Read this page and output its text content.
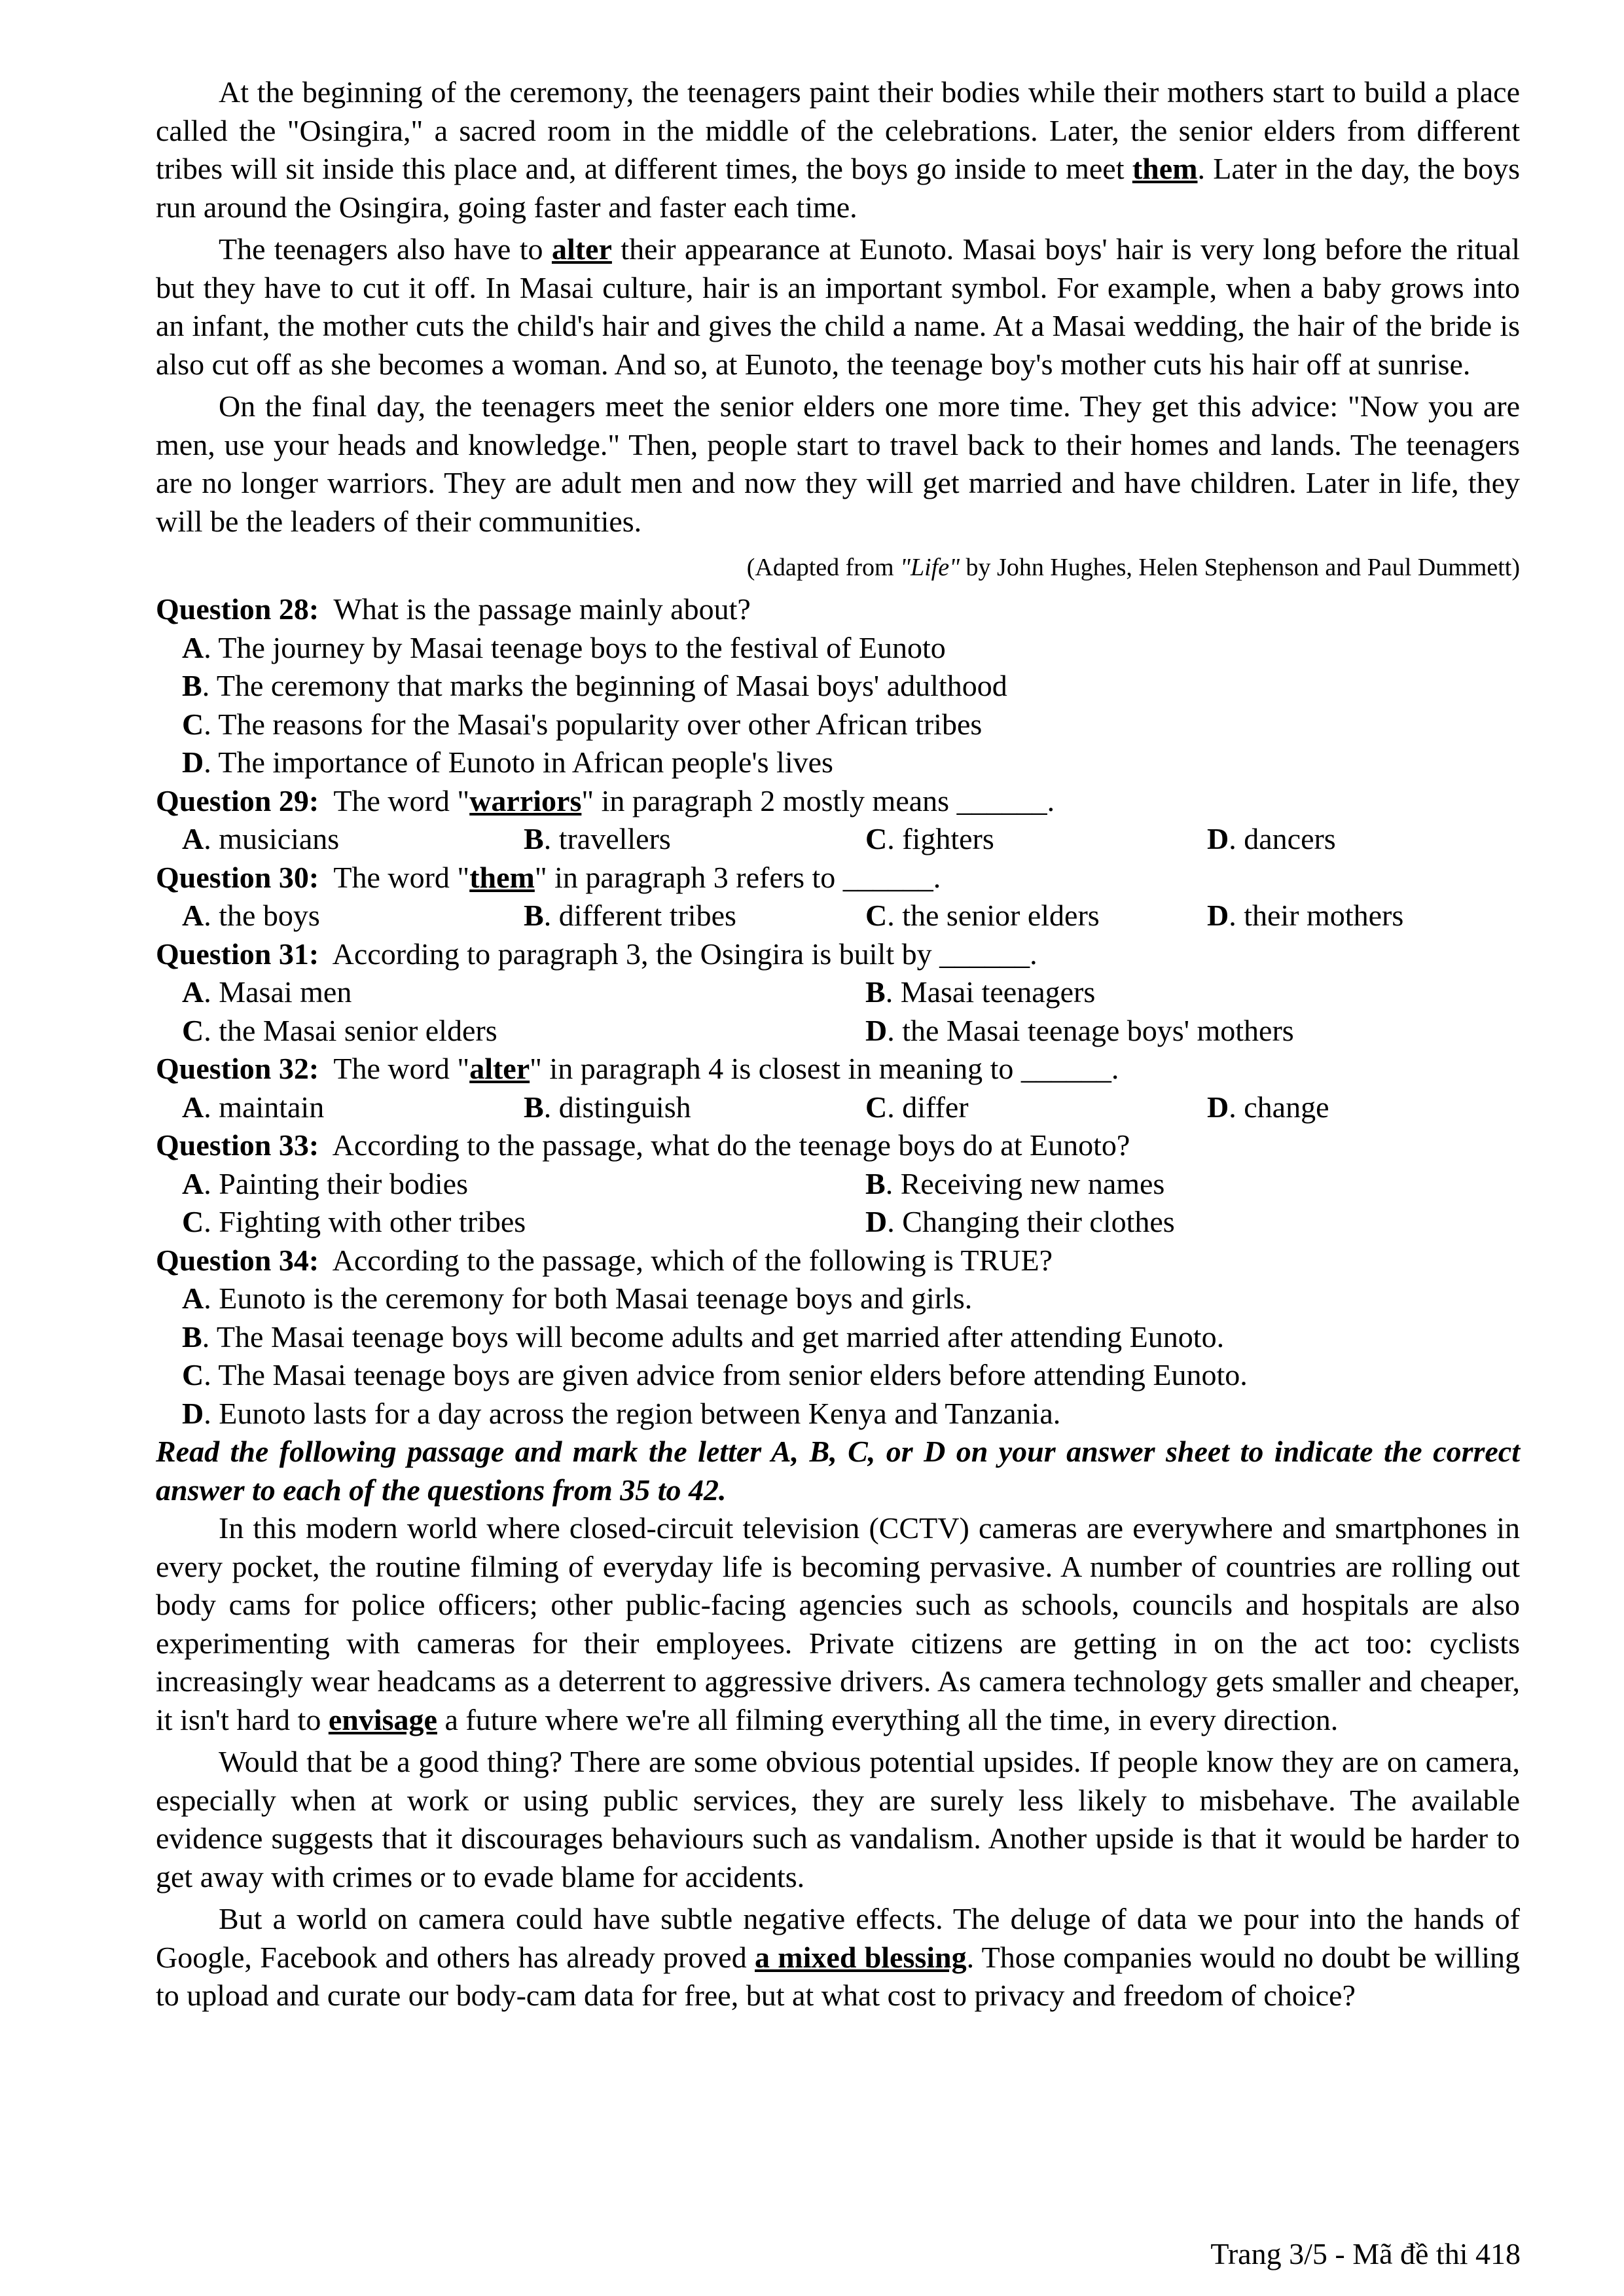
At the beginning of the ceremony, the teenagers paint their bodies while their mothers start to build a place called the "Osingira," a sacred room in the middle of the celebrations. Later, the senior elders from different tribes will sit inside this place and, at different times, the boys go inside to meet them. Later in the day, the boys run around the Osingira, going faster and faster each time.

The teenagers also have to alter their appearance at Eunoto. Masai boys' hair is very long before the ritual but they have to cut it off. In Masai culture, hair is an important symbol. For example, when a baby grows into an infant, the mother cuts the child's hair and gives the child a name. At a Masai wedding, the hair of the bride is also cut off as she becomes a woman. And so, at Eunoto, the teenage boy's mother cuts his hair off at sunrise.

On the final day, the teenagers meet the senior elders one more time. They get this advice: "Now you are men, use your heads and knowledge." Then, people start to travel back to their homes and lands. The teenagers are no longer warriors. They are adult men and now they will get married and have children. Later in life, they will be the leaders of their communities.

(Adapted from "Life" by John Hughes, Helen Stephenson and Paul Dummett)

Question 28: What is the passage mainly about?

A. The journey by Masai teenage boys to the festival of Eunoto

B. The ceremony that marks the beginning of Masai boys' adulthood

C. The reasons for the Masai's popularity over other African tribes

D. The importance of Eunoto in African people's lives

Question 29: The word "warriors" in paragraph 2 mostly means ______.

A. musicians	B. travellers	C. fighters	D. dancers

Question 30: The word "them" in paragraph 3 refers to ______.

A. the boys	B. different tribes	C. the senior elders	D. their mothers

Question 31: According to paragraph 3, the Osingira is built by ______.

A. Masai men	B. Masai teenagers
C. the Masai senior elders	D. the Masai teenage boys' mothers

Question 32: The word "alter" in paragraph 4 is closest in meaning to ______.

A. maintain	B. distinguish	C. differ	D. change

Question 33: According to the passage, what do the teenage boys do at Eunoto?

A. Painting their bodies	B. Receiving new names
C. Fighting with other tribes	D. Changing their clothes

Question 34: According to the passage, which of the following is TRUE?

A. Eunoto is the ceremony for both Masai teenage boys and girls.

B. The Masai teenage boys will become adults and get married after attending Eunoto.

C. The Masai teenage boys are given advice from senior elders before attending Eunoto.

D. Eunoto lasts for a day across the region between Kenya and Tanzania.

Read the following passage and mark the letter A, B, C, or D on your answer sheet to indicate the correct answer to each of the questions from 35 to 42.

In this modern world where closed-circuit television (CCTV) cameras are everywhere and smartphones in every pocket, the routine filming of everyday life is becoming pervasive. A number of countries are rolling out body cams for police officers; other public-facing agencies such as schools, councils and hospitals are also experimenting with cameras for their employees. Private citizens are getting in on the act too: cyclists increasingly wear headcams as a deterrent to aggressive drivers. As camera technology gets smaller and cheaper, it isn't hard to envisage a future where we're all filming everything all the time, in every direction.

Would that be a good thing? There are some obvious potential upsides. If people know they are on camera, especially when at work or using public services, they are surely less likely to misbehave. The available evidence suggests that it discourages behaviours such as vandalism. Another upside is that it would be harder to get away with crimes or to evade blame for accidents.

But a world on camera could have subtle negative effects. The deluge of data we pour into the hands of Google, Facebook and others has already proved a mixed blessing. Those companies would no doubt be willing to upload and curate our body-cam data for free, but at what cost to privacy and freedom of choice?

Trang 3/5 - Mã đề thi 418
